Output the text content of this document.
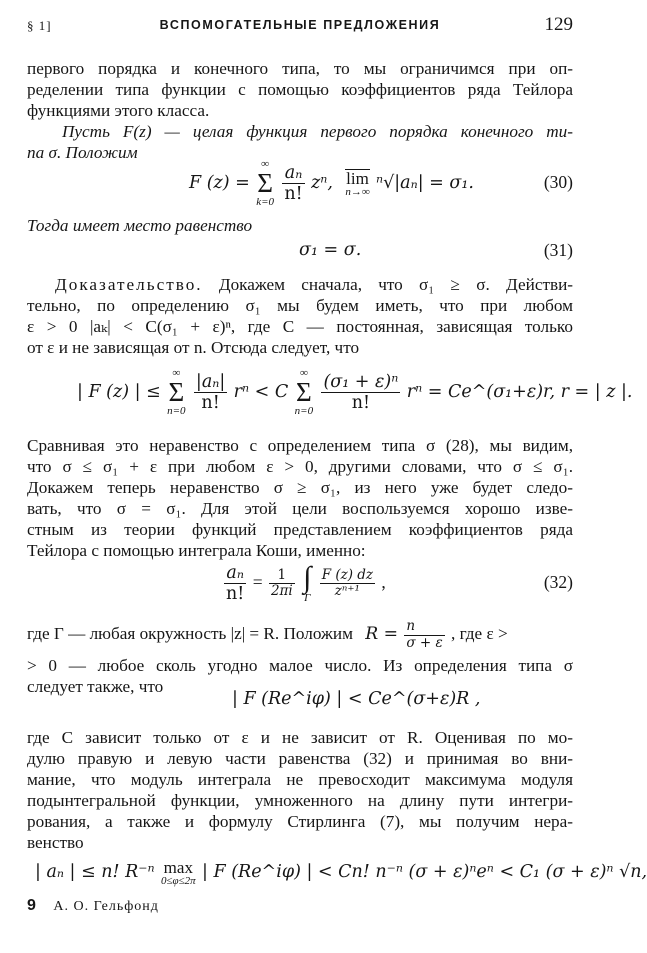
§ 1]	ВСПОМОГАТЕЛЬНЫЕ ПРЕДЛОЖЕНИЯ	129
первого порядка и конечного типа, то мы ограничимся при оп-
ределении типа функции с помощью коэффициентов ряда Тейлора
функциями этого класса.
Пусть F(z) — целая функция первого порядка конечного ти-
па σ. Положим
F (z) =
∞
Σ
k=0
$\frac{\text{aₙ}}{n!} z^n$, lim
n→∞ ⁿ√|aₙ| = σ₁.	(30)
Тогда имеет место равенство
σ₁ = σ.	(31)
Доказательство. Докажем сначала, что σ₁ ≥ σ. Действи-
тельно, по определению σ₁ мы будем иметь, что при любом
ε > 0 |aₖ| < C(σ₁ + ε)ⁿ, где C — постоянная, зависящая только
от ε и не зависящая от n. Отсюда следует, что
| F (z) | ≤
∞
Σ
n=0
$\frac{\text{|aₙ|}}{n!}$ rⁿ < C
∞
Σ
n=0
$\frac{\text{(σ₁ + ε)ⁿ}}{n!}$ rⁿ = Ce^(σ₁+ε)r, r = | z |.
Сравнивая это неравенство с определением типа σ (28), мы видим,
что σ ≤ σ₁ + ε при любом ε > 0, другими словами, что σ ≤ σ₁.
Докажем теперь неравенство σ ≥ σ₁, из него уже будет следо-
вать, что σ = σ₁. Для этой цели воспользуемся хорошо изве-
стным из теории функций представлением коэффициентов ряда
Тейлора с помощью интеграла Коши, именно:
$\frac{\text{aₙ}}{n!} = \frac{1}{2\pi i}$
∫
Γ
$\frac{F (z) dz}{\text{zⁿ⁺¹}}$ ,	(32)
где Γ — любая окружность |z| = R. Положим $R = \frac{n}{\sigma + \varepsilon}$ , где ε >
> 0 — любое сколь угодно малое число. Из определения типа σ
следует также, что
| F (Re^iφ) | < Ce^(σ+ε)R ,
где C зависит только от ε и не зависит от R. Оценивая по мо-
дулю правую и левую части равенства (32) и принимая во вни-
мание, что модуль интеграла не превосходит максимума модуля
подынтегральной функции, умноженного на длину пути интегри-
рования, а также и формулу Стирлинга (7), мы получим нера-
венство
| aₙ | ≤ n! R⁻ⁿ max
0≤φ≤2π | F (Re^iφ) | < Cn! n⁻ⁿ (σ + ε)ⁿeⁿ < C₁ (σ + ε)ⁿ √n,
9 А. О. Гельфонд
